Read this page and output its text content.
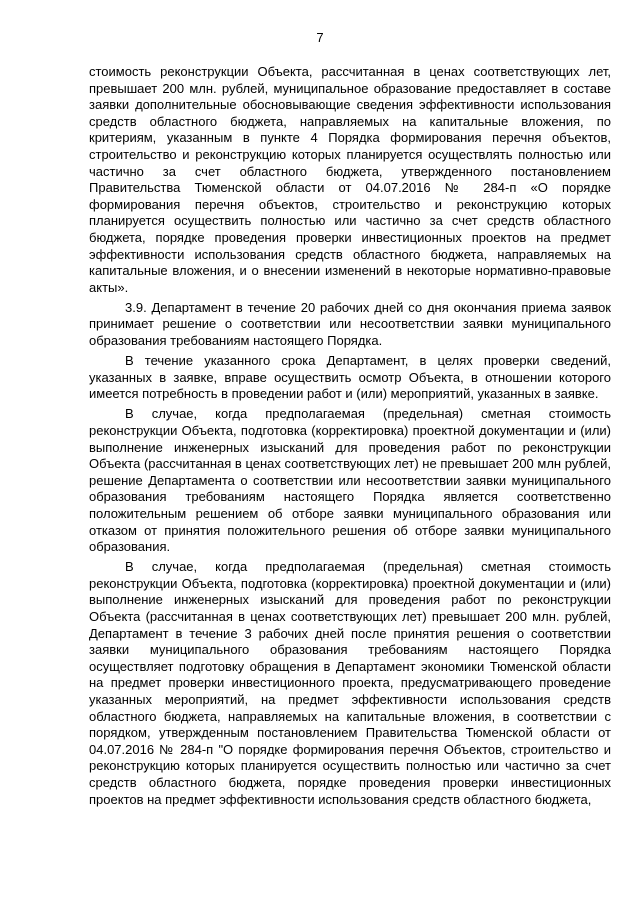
7

стоимость реконструкции Объекта, рассчитанная в ценах соответствующих лет, превышает 200 млн. рублей, муниципальное образование предоставляет в составе заявки дополнительные обосновывающие сведения эффективности использования средств областного бюджета, направляемых на капитальные вложения, по критериям, указанным в пункте 4 Порядка формирования перечня объектов, строительство и реконструкцию которых планируется осуществлять полностью или частично за счет областного бюджета, утвержденного постановлением Правительства Тюменской области от 04.07.2016 № 284-п «О порядке формирования перечня объектов, строительство и реконструкцию которых планируется осуществить полностью или частично за счет средств областного бюджета, порядке проведения проверки инвестиционных проектов на предмет эффективности использования средств областного бюджета, направляемых на капитальные вложения, и о внесении изменений в некоторые нормативно-правовые акты».

3.9. Департамент в течение 20 рабочих дней со дня окончания приема заявок принимает решение о соответствии или несоответствии заявки муниципального образования требованиям настоящего Порядка.

В течение указанного срока Департамент, в целях проверки сведений, указанных в заявке, вправе осуществить осмотр Объекта, в отношении которого имеется потребность в проведении работ и (или) мероприятий, указанных в заявке.

В случае, когда предполагаемая (предельная) сметная стоимость реконструкции Объекта, подготовка (корректировка) проектной документации и (или) выполнение инженерных изысканий для проведения работ по реконструкции Объекта (рассчитанная в ценах соответствующих лет) не превышает 200 млн рублей, решение Департамента о соответствии или несоответствии заявки муниципального образования требованиям настоящего Порядка является соответственно положительным решением об отборе заявки муниципального образования или отказом от принятия положительного решения об отборе заявки муниципального образования.

В случае, когда предполагаемая (предельная) сметная стоимость реконструкции Объекта, подготовка (корректировка) проектной документации и (или) выполнение инженерных изысканий для проведения работ по реконструкции Объекта (рассчитанная в ценах соответствующих лет) превышает 200 млн. рублей, Департамент в течение 3 рабочих дней после принятия решения о соответствии заявки муниципального образования требованиям настоящего Порядка осуществляет подготовку обращения в Департамент экономики Тюменской области на предмет проверки инвестиционного проекта, предусматривающего проведение указанных мероприятий, на предмет эффективности использования средств областного бюджета, направляемых на капитальные вложения, в соответствии с порядком, утвержденным постановлением Правительства Тюменской области от 04.07.2016 № 284-п "О порядке формирования перечня Объектов, строительство и реконструкцию которых планируется осуществить полностью или частично за счет средств областного бюджета, порядке проведения проверки инвестиционных проектов на предмет эффективности использования средств областного бюджета,
